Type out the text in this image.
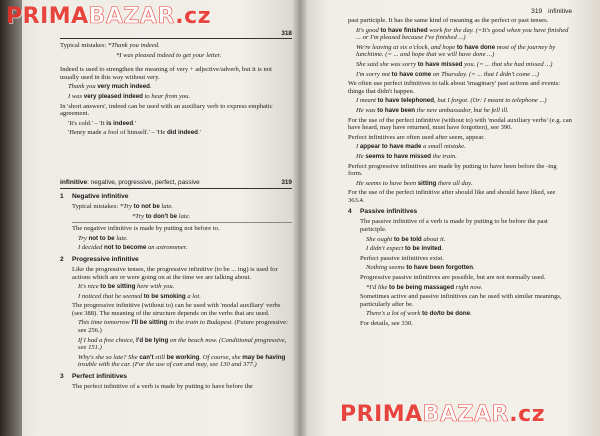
318

Typical mistakes: *Thank you indeed.

*I was pleased indeed to get your letter.

Indeed is used to strengthen the meaning of very + adjective/adverb, but it is not usually used in this way without very.

Thank you very much indeed.

I was very pleased indeed to hear from you.

In 'short answers', indeed can be used with an auxiliary verb to express emphatic agreement.

'It's cold.' – 'It is indeed.'

'Henry made a fool of himself.' – 'He did indeed.'

infinitive: negative, progressive, perfect, passive	319
1 Negative infinitive

Typical mistakes: *Try to not be late.

*Try to don't be late.

The negative infinitive is made by putting not before to.

Try not to be late.

I decided not to become an astronomer.

2 Progressive infinitive

Like the progressive tenses, the progressive infinitive (to be ... ing) is used for actions which are or were going on at the time we are talking about.

It's nice to be sitting here with you.

I noticed that he seemed to be smoking a lot.

The progressive infinitive (without to) can be used with 'modal auxiliary' verbs (see 388). The meaning of the structure depends on the verbs that are used.

This time tomorrow I'll be sitting in the train to Budapest. (Future progressive: see 256.)

If I had a free choice, I'd be lying on the beach now. (Conditional progressive, see 151.)

Why's she so late? She can't still be working. Of course, she may be having trouble with the car. (For the use of can and may, see 130 and 377.)

3 Perfect infinitives

The perfect infinitive of a verb is made by putting to have before the

319 infinitive

past participle. It has the same kind of meaning as the perfect or past tenses.

It's good to have finished work for the day. (=It's good when you have finished ... or I'm pleased because I've finished ...)

We're leaving at six o'clock, and hope to have done most of the journey by lunchtime. (= ... and hope that we will have done ...)

She said she was sorry to have missed you. (= ... that she had missed ...)

I'm sorry not to have come on Thursday. (= ... that I didn't come ...)

We often use perfect infinitives to talk about 'imaginary' past actions and events: things that didn't happen.

I meant to have telephoned, but I forgot. (Or: I meant to telephone ...)

He was to have been the new ambassador, but he fell ill.

For the use of the perfect infinitive (without to) with 'modal auxiliary verbs' (e.g. can have heard, may have returned, must have forgotten), see 390.

Perfect infinitives are often used after seem, appear.

I appear to have made a small mistake.

He seems to have missed the train.

Perfect progressive infinitives are made by putting to have been before the -ing form.

He seems to have been sitting there all day.

For the use of the perfect infinitive after should like and should have liked, see 363.4.

4 Passive infinitives

The passive infinitive of a verb is made by putting to be before the past participle.

She ought to be told about it.

I didn't expect to be invited.

Perfect passive infinitives exist.

Nothing seems to have been forgotten.

Progressive passive infinitives are possible, but are not normally used.

*I'd like to be being massaged right now.

Sometimes active and passive infinitives can be used with similar meanings, particularly after be.

There's a lot of work to do/to be done.

For details, see 330.

PRIMABAZAR.cz
PRIMABAZAR.cz
